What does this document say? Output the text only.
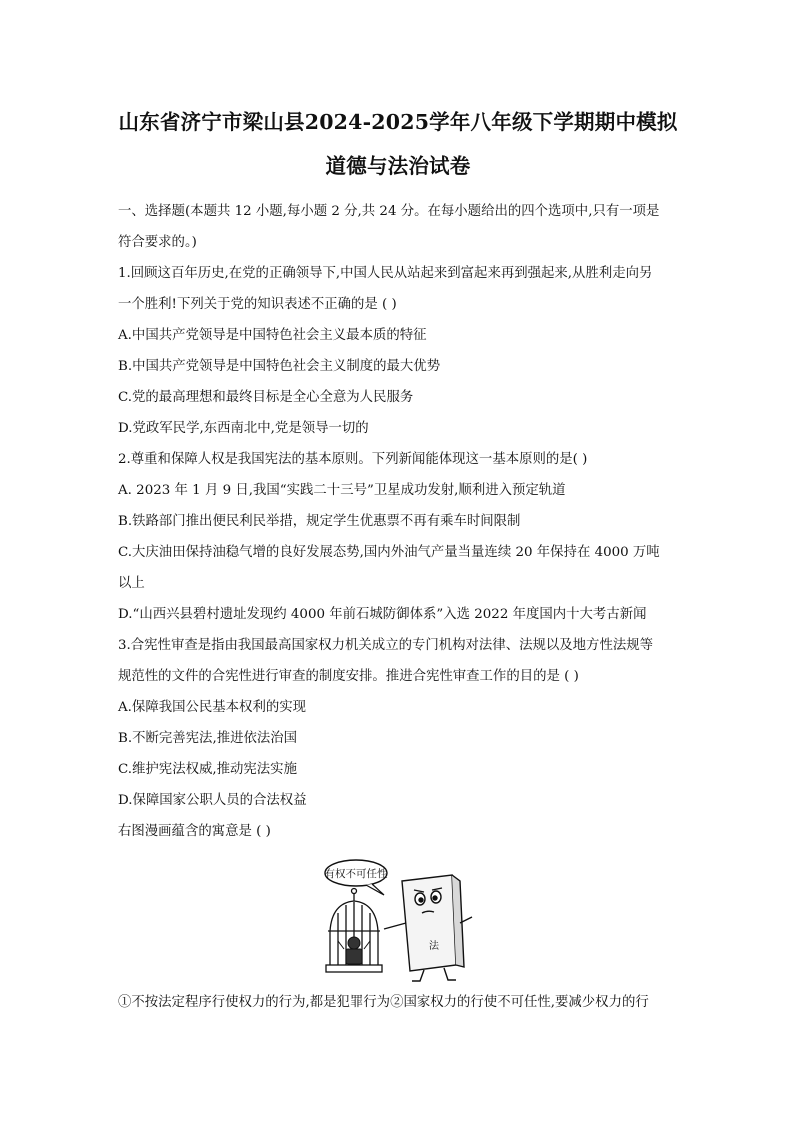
山东省济宁市梁山县2024-2025学年八年级下学期期中模拟
道德与法治试卷

一、选择题(本题共 12 小题,每小题 2 分,共 24 分。在每小题给出的四个选项中,只有一项是

符合要求的。)

1.回顾这百年历史,在党的正确领导下,中国人民从站起来到富起来再到强起来,从胜利走向另

一个胜利!下列关于党的知识表述不正确的是 ( )

A.中国共产党领导是中国特色社会主义最本质的特征

B.中国共产党领导是中国特色社会主义制度的最大优势

C.党的最高理想和最终目标是全心全意为人民服务

D.党政军民学,东西南北中,党是领导一切的

2.尊重和保障人权是我国宪法的基本原则。下列新闻能体现这一基本原则的是( )

A. 2023 年 1 月 9 日,我国“实践二十三号”卫星成功发射,顺利进入预定轨道

B.铁路部门推出便民利民举措，规定学生优惠票不再有乘车时间限制

C.大庆油田保持油稳气增的良好发展态势,国内外油气产量当量连续 20 年保持在 4000 万吨

以上

D.“山西兴县碧村遗址发现约 4000 年前石城防御体系”入选 2022 年度国内十大考古新闻

3.合宪性审查是指由我国最高国家权力机关成立的专门机构对法律、法规以及地方性法规等

规范性的文件的合宪性进行审查的制度安排。推进合宪性审查工作的目的是 ( )

A.保障我国公民基本权利的实现

B.不断完善宪法,推进依法治国

C.维护宪法权威,推动宪法实施

D.保障国家公职人员的合法权益

右图漫画蕴含的寓意是 ( )

有权不可任性
法

①不按法定程序行使权力的行为,都是犯罪行为②国家权力的行使不可任性,要减少权力的行
